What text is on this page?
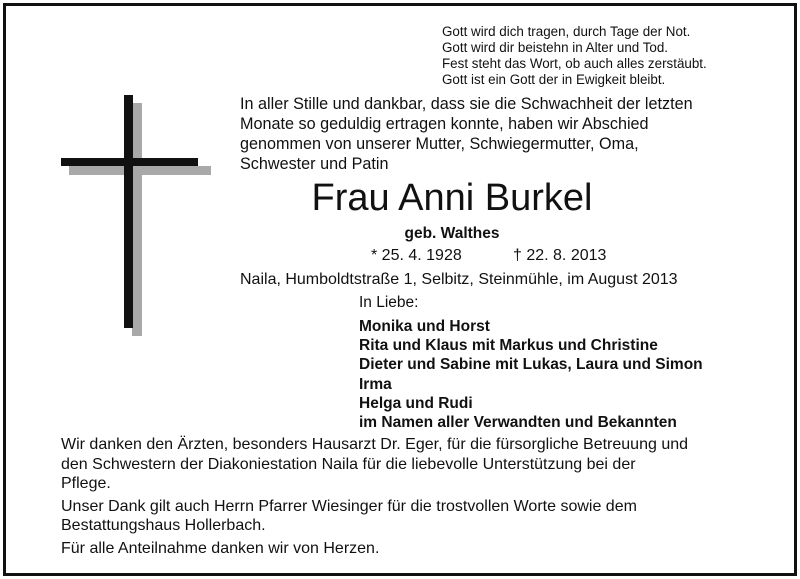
Gott wird dich tragen, durch Tage der Not.
Gott wird dir beistehn in Alter und Tod.
Fest steht das Wort, ob auch alles zerstäubt.
Gott ist ein Gott der in Ewigkeit bleibt.
In aller Stille und dankbar, dass sie die Schwachheit der letzten
Monate so geduldig ertragen konnte, haben wir Abschied
genommen von unserer Mutter, Schwiegermutter, Oma,
Schwester und Patin
Frau Anni Burkel
geb. Walthes
* 25. 4. 1928	† 22. 8. 2013
Naila, Humboldtstraße 1, Selbitz, Steinmühle, im August 2013
In Liebe:
Monika und Horst
Rita und Klaus mit Markus und Christine
Dieter und Sabine mit Lukas, Laura und Simon
Irma
Helga und Rudi
im Namen aller Verwandten und Bekannten

Wir danken den Ärzten, besonders Hausarzt Dr. Eger, für die fürsorgliche Betreuung und
den Schwestern der Diakoniestation Naila für die liebevolle Unterstützung bei der
Pflege.

Unser Dank gilt auch Herrn Pfarrer Wiesinger für die trostvollen Worte sowie dem
Bestattungshaus Hollerbach.

Für alle Anteilnahme danken wir von Herzen.
